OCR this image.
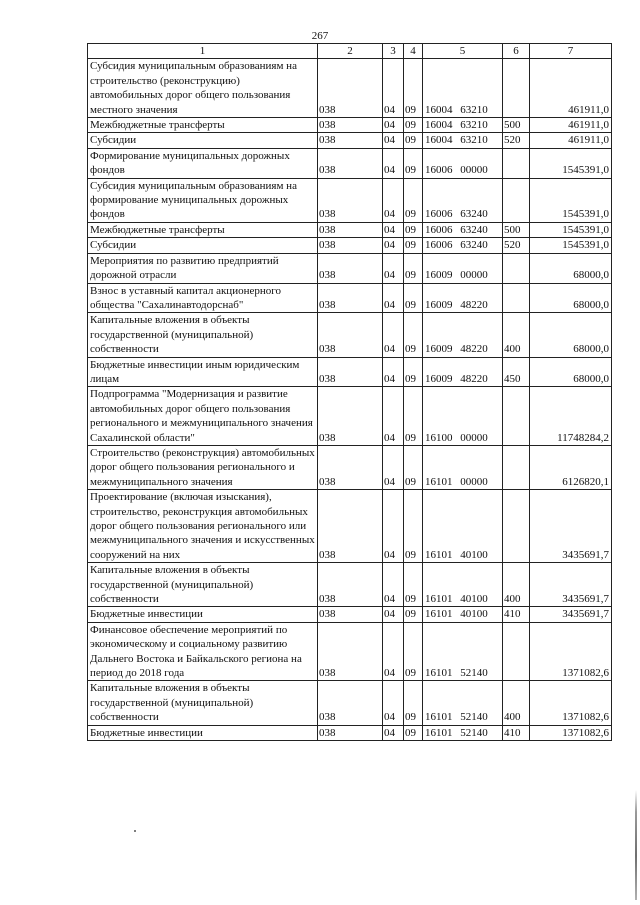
267
1	2	3	4	5	6	7
Субсидия муниципальным образованиям на строительство (реконструкцию) автомобильных дорог общего пользования местного значения	038	04	09	16004 63210		461911,0
Межбюджетные трансферты	038	04	09	16004 63210	500	461911,0
Субсидии	038	04	09	16004 63210	520	461911,0
Формирование муниципальных дорожных фондов	038	04	09	16006 00000		1545391,0
Субсидия муниципальным образованиям на формирование муниципальных дорожных фондов	038	04	09	16006 63240		1545391,0
Межбюджетные трансферты	038	04	09	16006 63240	500	1545391,0
Субсидии	038	04	09	16006 63240	520	1545391,0
Мероприятия по развитию предприятий дорожной отрасли	038	04	09	16009 00000		68000,0
Взнос в уставный капитал акционерного общества "Сахалинавтодорснаб"	038	04	09	16009 48220		68000,0
Капитальные вложения в объекты государственной (муниципальной) собственности	038	04	09	16009 48220	400	68000,0
Бюджетные инвестиции иным юридическим лицам	038	04	09	16009 48220	450	68000,0
Подпрограмма "Модернизация и развитие автомобильных дорог общего пользования регионального и межмуниципального значения Сахалинской области"	038	04	09	16100 00000		11748284,2
Строительство (реконструкция) автомобильных дорог общего пользования регионального и межмуниципального значения	038	04	09	16101 00000		6126820,1
Проектирование (включая изыскания), строительство, реконструкция автомобильных дорог общего пользования регионального или межмуниципального значения и искусственных сооружений на них	038	04	09	16101 40100		3435691,7
Капитальные вложения в объекты государственной (муниципальной) собственности	038	04	09	16101 40100	400	3435691,7
Бюджетные инвестиции	038	04	09	16101 40100	410	3435691,7
Финансовое обеспечение мероприятий по экономическому и социальному развитию Дальнего Востока и Байкальского региона на период до 2018 года	038	04	09	16101 52140		1371082,6
Капитальные вложения в объекты государственной (муниципальной) собственности	038	04	09	16101 52140	400	1371082,6
Бюджетные инвестиции	038	04	09	16101 52140	410	1371082,6
